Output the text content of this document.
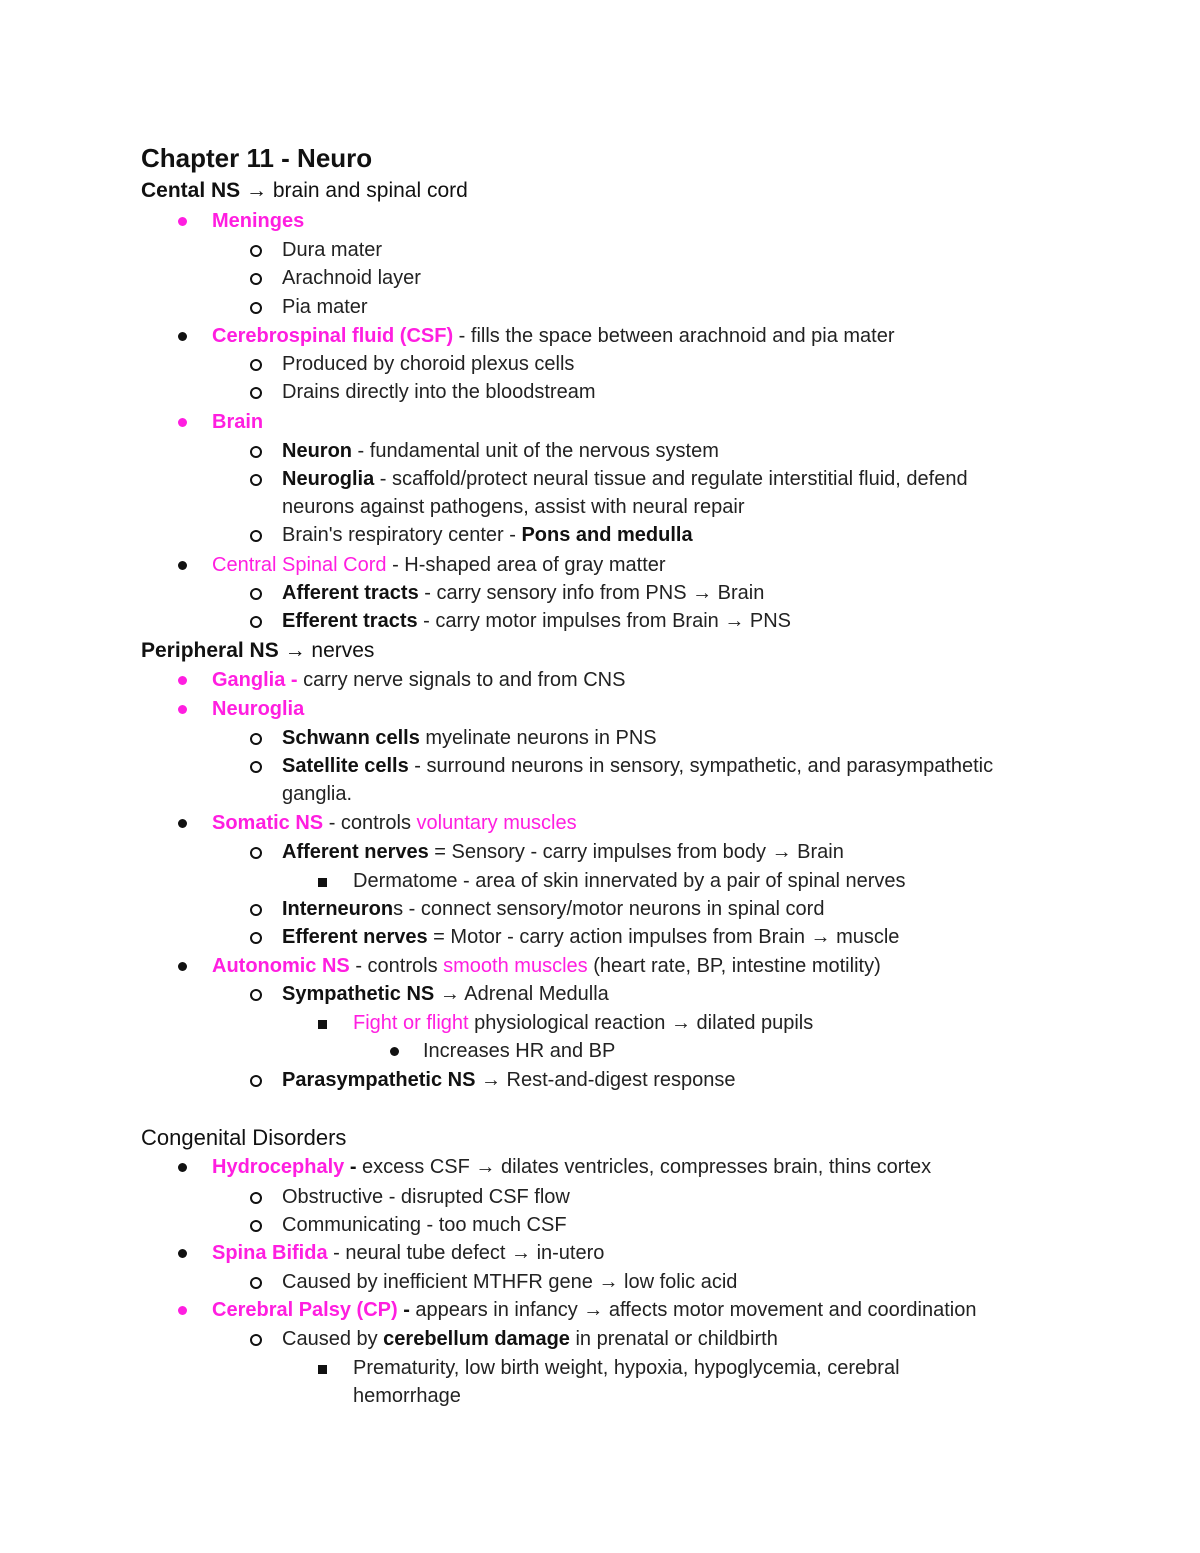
Chapter 11 - Neuro
Cental NS → brain and spinal cord
Meninges
Dura mater
Arachnoid layer
Pia mater
Cerebrospinal fluid (CSF) - fills the space between arachnoid and pia mater
Produced by choroid plexus cells
Drains directly into the bloodstream
Brain
Neuron - fundamental unit of the nervous system
Neuroglia - scaffold/protect neural tissue and regulate interstitial fluid, defend
neurons against pathogens, assist with neural repair
Brain's respiratory center - Pons and medulla
Central Spinal Cord - H-shaped area of gray matter
Afferent tracts - carry sensory info from PNS → Brain
Efferent tracts - carry motor impulses from Brain → PNS
Peripheral NS → nerves
Ganglia - carry nerve signals to and from CNS
Neuroglia
Schwann cells myelinate neurons in PNS
Satellite cells - surround neurons in sensory, sympathetic, and parasympathetic
ganglia.
Somatic NS - controls voluntary muscles
Afferent nerves = Sensory - carry impulses from body → Brain
Dermatome - area of skin innervated by a pair of spinal nerves
Interneurons - connect sensory/motor neurons in spinal cord
Efferent nerves = Motor - carry action impulses from Brain → muscle
Autonomic NS - controls smooth muscles (heart rate, BP, intestine motility)
Sympathetic NS → Adrenal Medulla
Fight or flight physiological reaction → dilated pupils
Increases HR and BP
Parasympathetic NS → Rest-and-digest response
Congenital Disorders
Hydrocephaly - excess CSF → dilates ventricles, compresses brain, thins cortex
Obstructive - disrupted CSF flow
Communicating - too much CSF
Spina Bifida - neural tube defect → in-utero
Caused by inefficient MTHFR gene → low folic acid
Cerebral Palsy (CP) - appears in infancy → affects motor movement and coordination
Caused by cerebellum damage in prenatal or childbirth
Prematurity, low birth weight, hypoxia, hypoglycemia, cerebral
hemorrhage
